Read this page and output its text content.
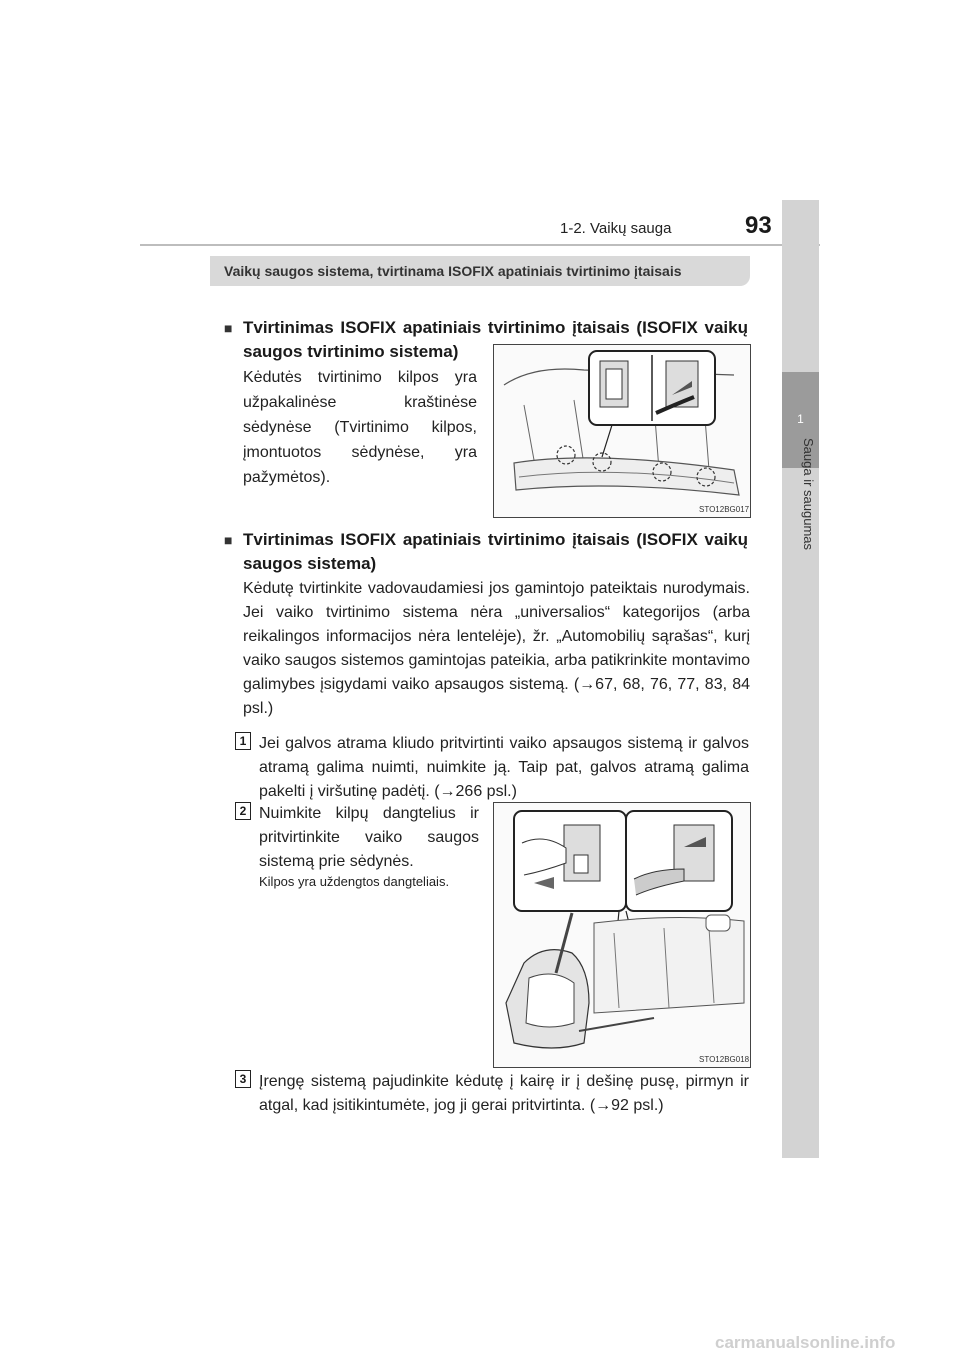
1-2. Vaikų sauga	93
1
Sauga ir saugumas
Vaikų saugos sistema, tvirtinama ISOFIX apatiniais tvirtinimo įtaisais
■ Tvirtinimas ISOFIX apatiniais tvirtinimo įtaisais (ISOFIX vaikų saugos tvirtinimo sistema)
Kėdutės tvirtinimo kilpos yra užpakalinėse kraštinėse sėdynėse (Tvirtinimo kilpos, įmontuotos sėdynėse, yra pažymėtos).
STO12BG017
■ Tvirtinimas ISOFIX apatiniais tvirtinimo įtaisais (ISOFIX vaikų saugos sistema)
Kėdutę tvirtinkite vadovaudamiesi jos gamintojo pateiktais nurodymais. Jei vaiko tvirtinimo sistema nėra „universalios“ kategorijos (arba reikalingos informacijos nėra lentelėje), žr. „Automobilių sąrašas“, kurį vaiko saugos sistemos gamintojas pateikia, arba patikrinkite montavimo galimybes įsigydami vaiko apsaugos sistemą. (→67, 68, 76, 77, 83, 84 psl.)
1 Jei galvos atrama kliudo pritvirtinti vaiko apsaugos sistemą ir galvos atramą galima nuimti, nuimkite ją. Taip pat, galvos atramą galima pakelti į viršutinę padėtį. (→266 psl.)
2 Nuimkite kilpų dangtelius ir pritvirtinkite vaiko saugos sistemą prie sėdynės.
Kilpos yra uždengtos dangteliais.
STO12BG018
3 Įrengę sistemą pajudinkite kėdutę į kairę ir į dešinę pusę, pirmyn ir atgal, kad įsitikintumėte, jog ji gerai pritvirtinta. (→92 psl.)
carmanualsonline.info
